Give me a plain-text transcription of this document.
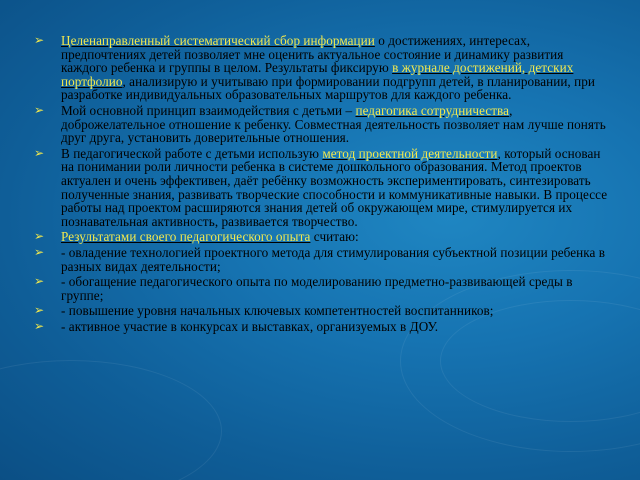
➢ Целенаправленный систематический сбор информации о достижениях, интересах, предпочтениях детей позволяет мне оценить актуальное состояние и динамику развития каждого ребенка и группы в целом. Результаты фиксирую в журнале достижений, детских портфолио, анализирую и учитываю при формировании подгрупп детей, в планировании, при разработке индивидуальных образовательных маршрутов для каждого ребенка.
➢ Мой основной принцип взаимодействия с детьми – педагогика сотрудничества, доброжелательное отношение к ребенку. Совместная деятельность позволяет нам лучше понять друг друга, установить доверительные отношения.
➢ В педагогической работе с детьми использую метод проектной деятельности, который основан на понимании роли личности ребенка в системе дошкольного образования. Метод проектов актуален и очень эффективен, даёт ребёнку возможность экспериментировать, синтезировать полученные знания, развивать творческие способности и коммуникативные навыки. В процессе работы над проектом расширяются знания детей об окружающем мире, стимулируется их познавательная активность, развивается творчество.
➢ Результатами своего педагогического опыта считаю:
➢ - овладение технологией проектного метода для стимулирования субъектной позиции ребенка в разных видах деятельности;
➢ - обогащение педагогического опыта по моделированию предметно-развивающей среды в группе;
➢ - повышение уровня начальных ключевых компетентностей воспитанников;
➢ - активное участие в конкурсах и выставках, организуемых в ДОУ.
